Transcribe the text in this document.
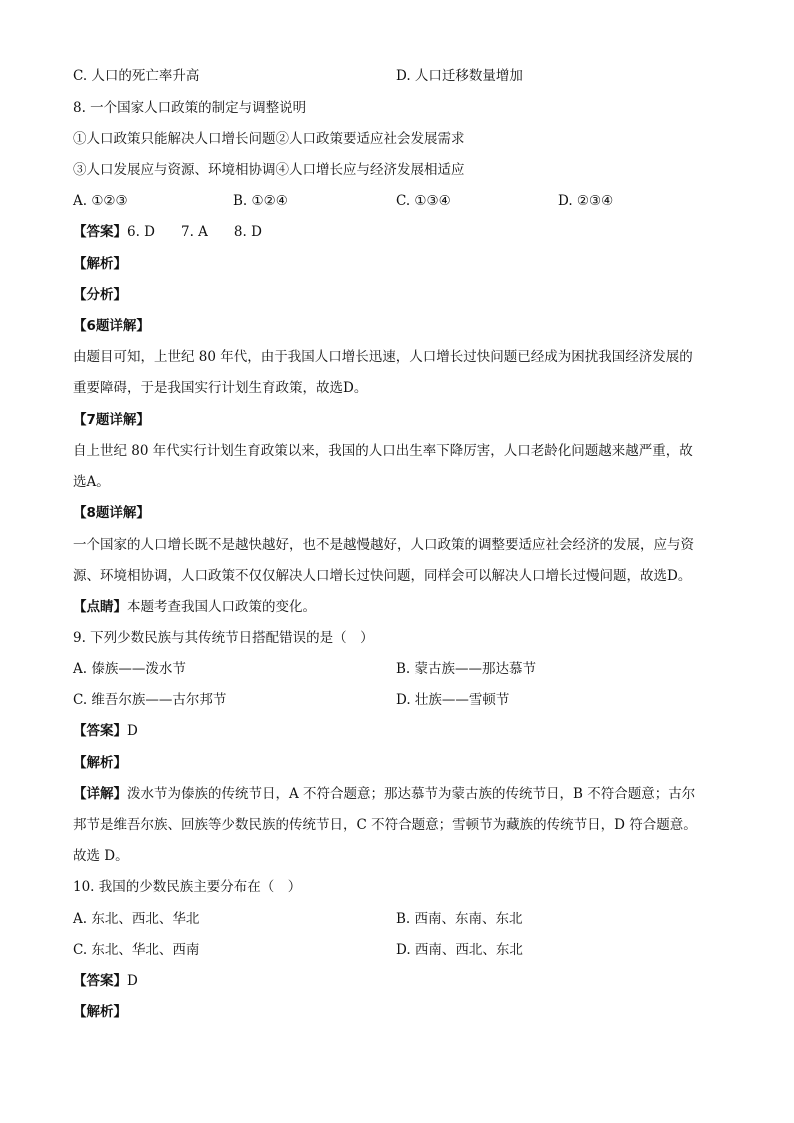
C. 人口的死亡率升高	D. 人口迁移数量增加
8. 一个国家人口政策的制定与调整说明
①人口政策只能解决人口增长问题②人口政策要适应社会发展需求
③人口发展应与资源、环境相协调④人口增长应与经济发展相适应
A. ①②③	B. ①②④	C. ①③④	D. ②③④
【答案】6. D 7. A 8. D
【解析】
【分析】
【6题详解】
由题目可知，上世纪 80 年代，由于我国人口增长迅速，人口增长过快问题已经成为困扰我国经济发展的
重要障碍，于是我国实行计划生育政策，故选D。
【7题详解】
自上世纪 80 年代实行计划生育政策以来，我国的人口出生率下降厉害，人口老龄化问题越来越严重，故
选A。
【8题详解】
一个国家的人口增长既不是越快越好，也不是越慢越好，人口政策的调整要适应社会经济的发展，应与资
源、环境相协调，人口政策不仅仅解决人口增长过快问题，同样会可以解决人口增长过慢问题，故选D。
【点睛】本题考查我国人口政策的变化。
9. 下列少数民族与其传统节日搭配错误的是（　）
A. 傣族——泼水节	B. 蒙古族——那达慕节
C. 维吾尔族——古尔邦节	D. 壮族——雪顿节
【答案】D
【解析】
【详解】泼水节为傣族的传统节日，A 不符合题意；那达慕节为蒙古族的传统节日，B 不符合题意；古尔
邦节是维吾尔族、回族等少数民族的传统节日，C 不符合题意；雪顿节为藏族的传统节日，D 符合题意。
故选 D。
10. 我国的少数民族主要分布在（　）
A. 东北、西北、华北	B. 西南、东南、东北
C. 东北、华北、西南	D. 西南、西北、东北
【答案】D
【解析】
